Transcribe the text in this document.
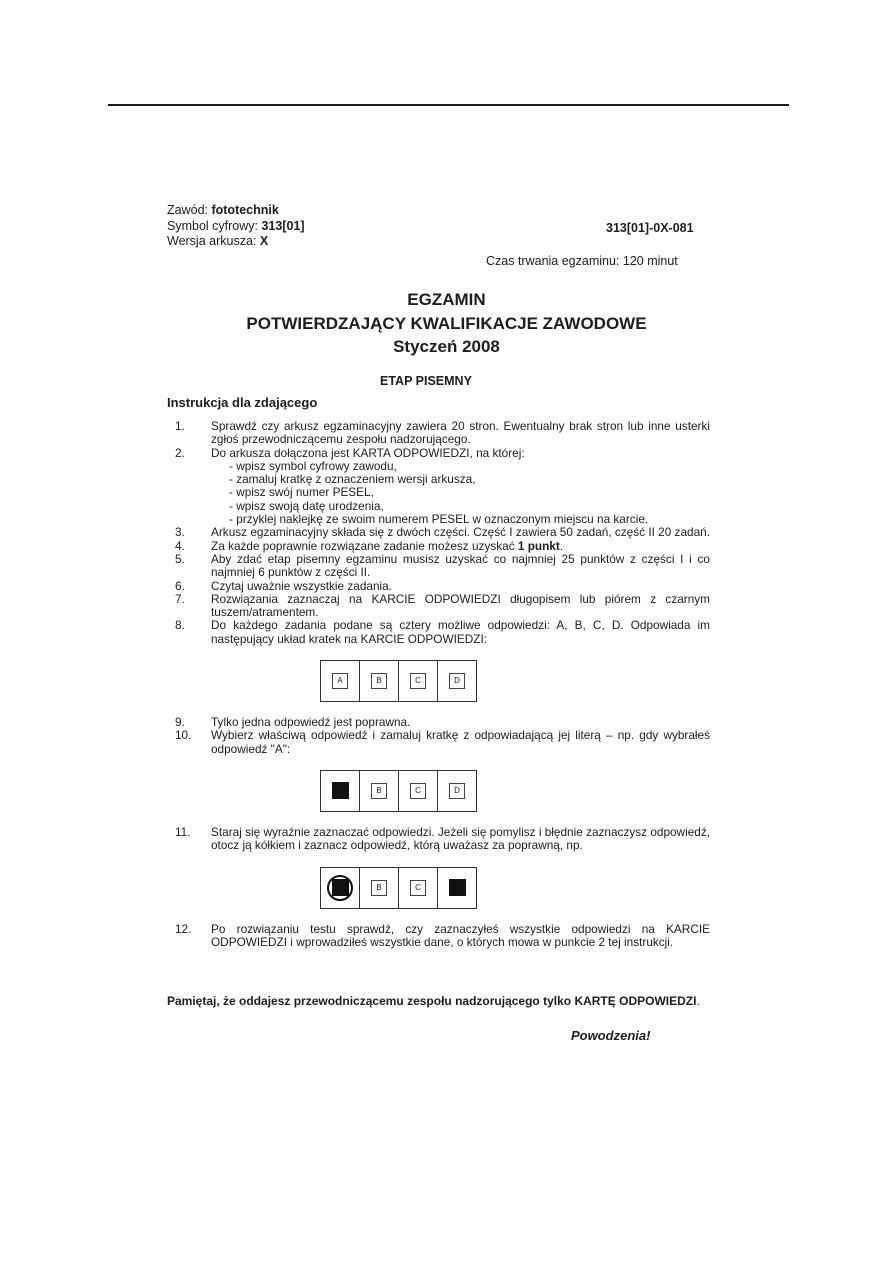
Zawód: fototechnik
Symbol cyfrowy: 313[01]
Wersja arkusza: X
313[01]-0X-081
Czas trwania egzaminu: 120 minut
EGZAMIN
POTWIERDZAJĄCY KWALIFIKACJE ZAWODOWE
Styczeń 2008
ETAP PISEMNY
Instrukcja dla zdającego
1.	Sprawdź czy arkusz egzaminacyjny zawiera 20 stron. Ewentualny brak stron lub inne usterki zgłoś przewodniczącemu zespołu nadzorującego.
2.	Do arkusza dołączona jest KARTA ODPOWIEDZI, na której:
- wpisz symbol cyfrowy zawodu,
- zamaluj kratkę z oznaczeniem wersji arkusza,
- wpisz swój numer PESEL,
- wpisz swoją datę urodzenia,
- przyklej naklejkę ze swoim numerem PESEL w oznaczonym miejscu na karcie.
3.	Arkusz egzaminacyjny składa się z dwóch części. Część I zawiera 50 zadań, część II 20 zadań.
4.	Za każde poprawnie rozwiązane zadanie możesz uzyskać 1 punkt.
5.	Aby zdać etap pisemny egzaminu musisz uzyskać co najmniej 25 punktów z części I i co najmniej 6 punktów z części II.
6.	Czytaj uważnie wszystkie zadania.
7.	Rozwiązania zaznaczaj na KARCIE ODPOWIEDZI długopisem lub piórem z czarnym tuszem/atramentem.
8.	Do każdego zadania podane są cztery możliwe odpowiedzi: A, B, C, D. Odpowiada im następujący układ kratek na KARCIE ODPOWIEDZI:
A	B	C	D
9.	Tylko jedna odpowiedź jest poprawna.
10.	Wybierz właściwą odpowiedź i zamaluj kratkę z odpowiadającą jej literą – np. gdy wybrałeś odpowiedź "A":
B	C	D
11.	Staraj się wyraźnie zaznaczać odpowiedzi. Jeżeli się pomylisz i błędnie zaznaczysz odpowiedź, otocz ją kółkiem i zaznacz odpowiedź, którą uważasz za poprawną, np.
B	C
12.	Po rozwiązaniu testu sprawdź, czy zaznaczyłeś wszystkie odpowiedzi na KARCIE ODPOWIEDZI i wprowadziłeś wszystkie dane, o których mowa w punkcie 2 tej instrukcji.
Pamiętaj, że oddajesz przewodniczącemu zespołu nadzorującego tylko KARTĘ ODPOWIEDZI.
Powodzenia!
